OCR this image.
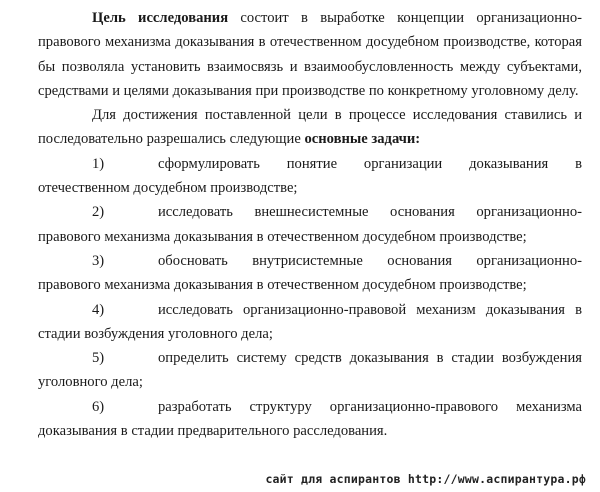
Цель исследования состоит в выработке концепции организационно-правового механизма доказывания в отечественном досудебном производстве, которая бы позволяла установить взаимосвязь и взаимообусловленность между субъектами, средствами и целями доказывания при производстве по конкретному уголовному делу.

Для достижения поставленной цели в процессе исследования ставились и последовательно разрешались следующие основные задачи:

1)	сформулировать понятие организации доказывания в отечественном досудебном производстве;

2)	исследовать внешнесистемные основания организационно-правового механизма доказывания в отечественном досудебном производстве;

3)	обосновать внутрисистемные основания организационно-правового механизма доказывания в отечественном досудебном производстве;

4)	исследовать организационно-правовой механизм доказывания в стадии возбуждения уголовного дела;

5)	определить систему средств доказывания в стадии возбуждения уголовного дела;

6)	разработать структуру организационно-правового механизма доказывания в стадии предварительного расследования.

сайт для аспирантов http://www.аспирантура.рф
